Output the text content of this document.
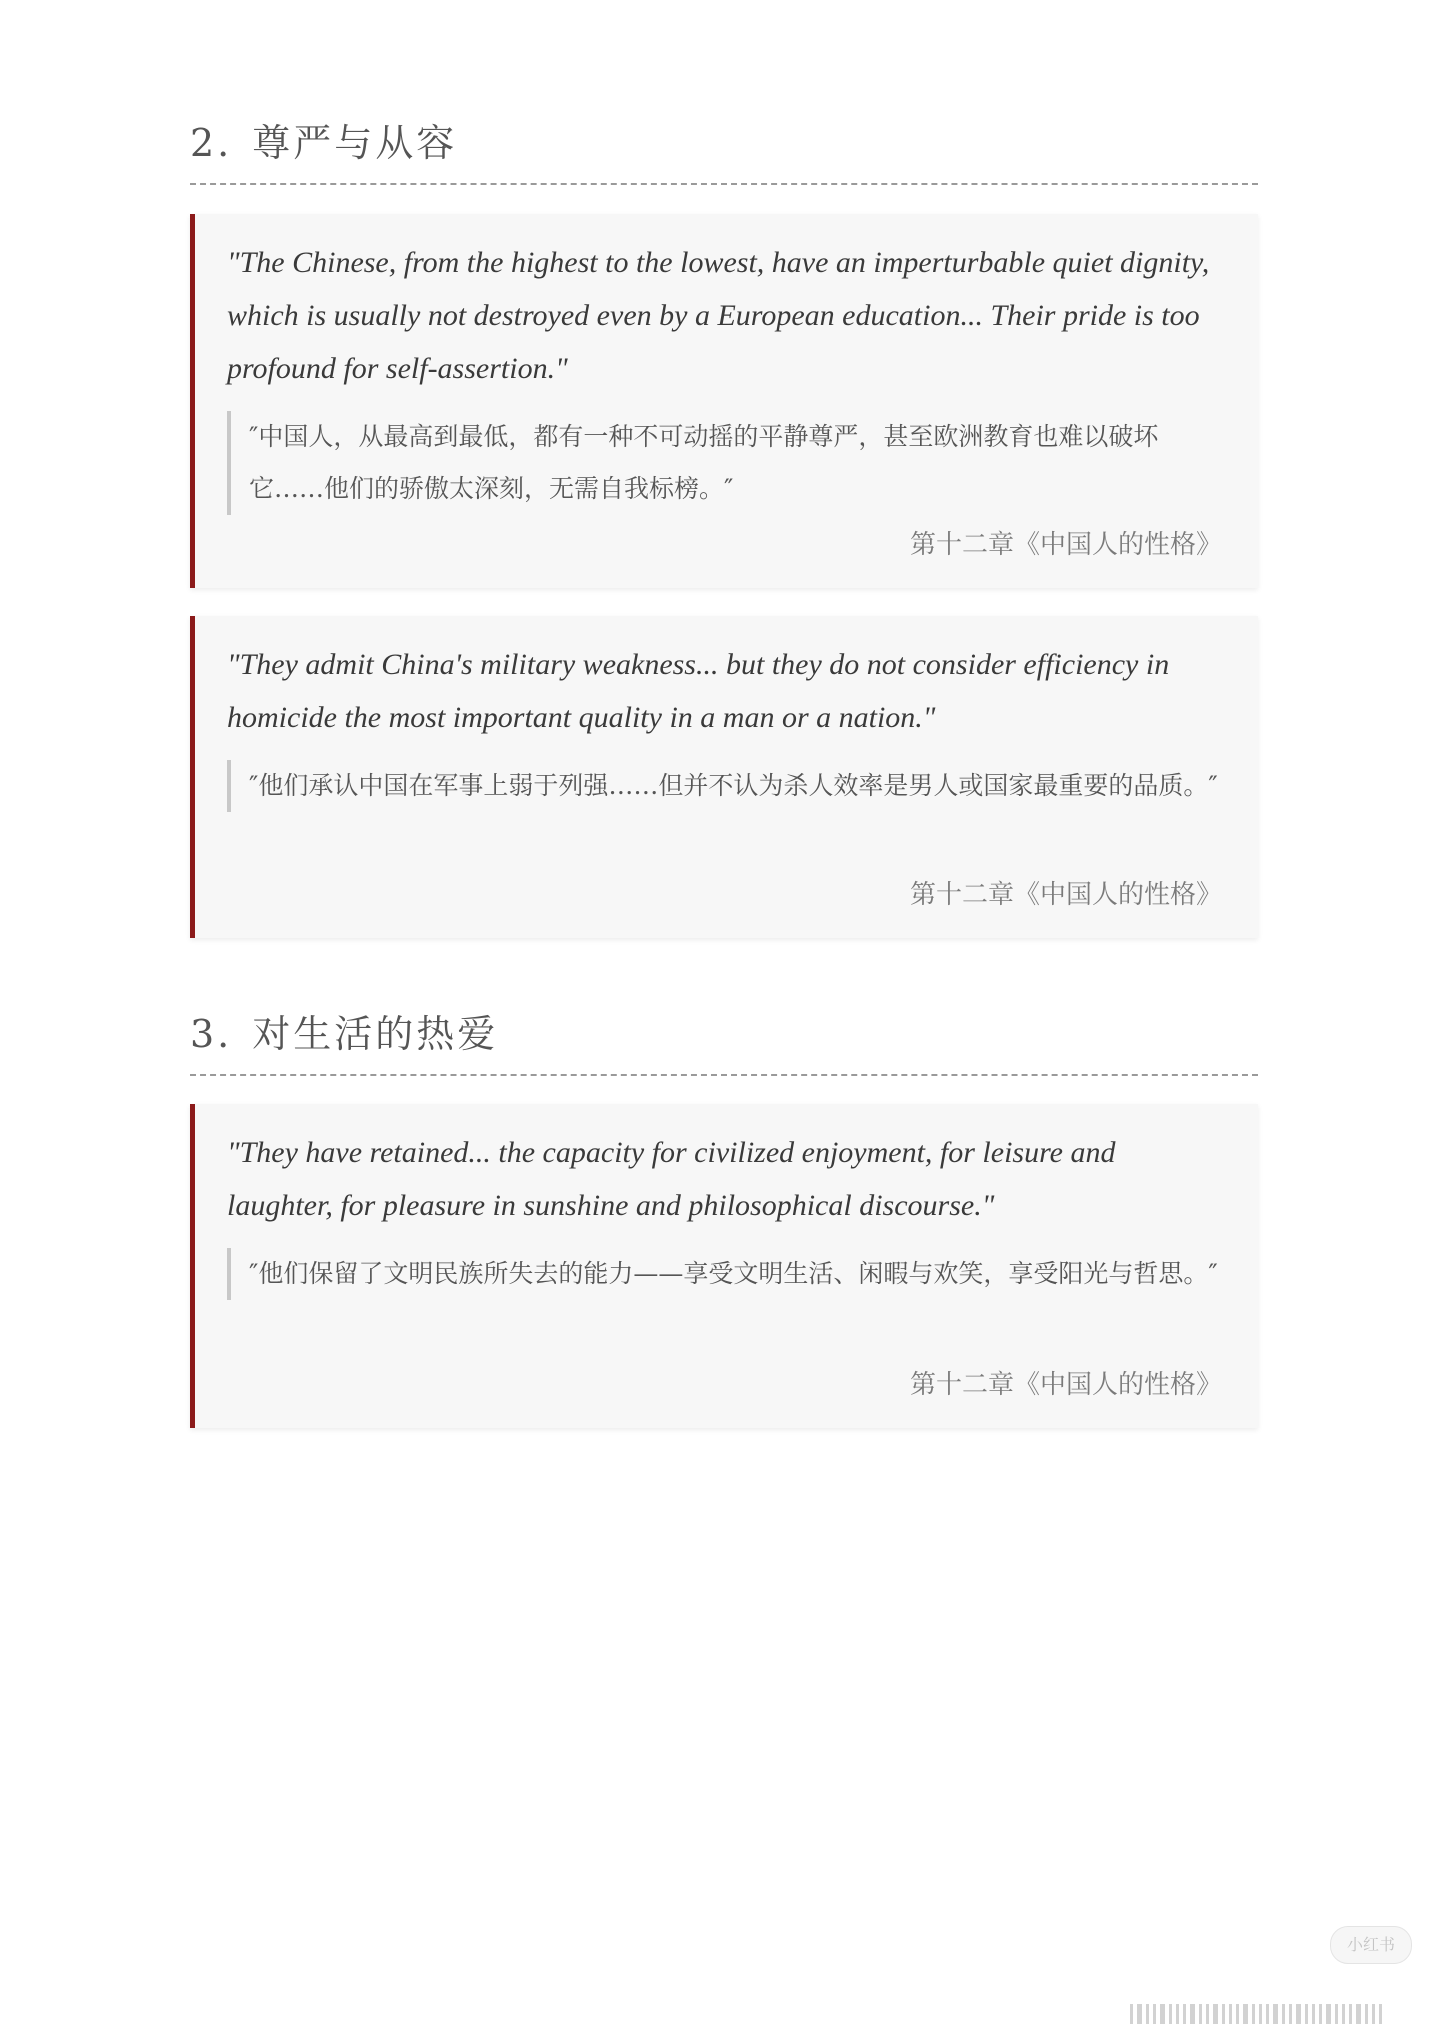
2. 尊严与从容

"The Chinese, from the highest to the lowest, have an imperturbable quiet dignity, which is usually not destroyed even by a European education... Their pride is too profound for self-assertion."

″中国人，从最高到最低，都有一种不可动摇的平静尊严，甚至欧洲教育也难以破坏它……他们的骄傲太深刻，无需自我标榜。″

第十二章《中国人的性格》

"They admit China's military weakness... but they do not consider efficiency in homicide the most important quality in a man or a nation."

″他们承认中国在军事上弱于列强……但并不认为杀人效率是男人或国家最重要的品质。″

第十二章《中国人的性格》

3. 对生活的热爱

"They have retained... the capacity for civilized enjoyment, for leisure and laughter, for pleasure in sunshine and philosophical discourse."

″他们保留了文明民族所失去的能力——享受文明生活、闲暇与欢笑，享受阳光与哲思。″

第十二章《中国人的性格》

小红书
